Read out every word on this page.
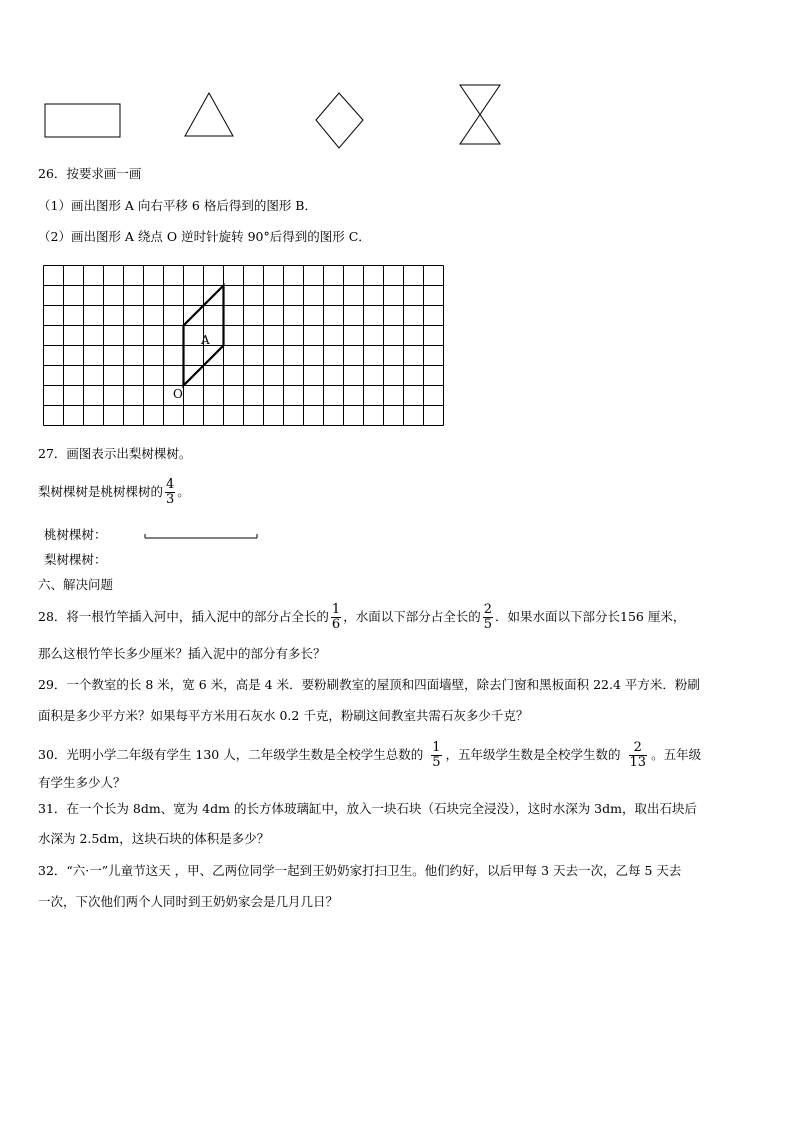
26．按要求画一画
（1）画出图形 A 向右平移 6 格后得到的图形 B．
（2）画出图形 A 绕点 O 逆时针旋转 90°后得到的图形 C．
A
O
27．画图表示出梨树棵树。
梨树棵树是桃树棵树的 $\frac{4}{3}$ 。
桃树棵树：
梨树棵树：
六、解决问题
28．将一根竹竿插入河中，插入泥中的部分占全长的 $\frac{1}{6}$ ，水面以下部分占全长的 $\frac{2}{5}$ ．如果水面以下部分长156 厘米，
那么这根竹竿长多少厘米？插入泥中的部分有多长？
29．一个教室的长 8 米，宽 6 米，高是 4 米．要粉刷教室的屋顶和四面墙壁，除去门窗和黑板面积 22.4 平方米．粉刷
面积是多少平方米？如果每平方米用石灰水 0.2 千克，粉刷这间教室共需石灰多少千克？
30．光明小学二年级有学生 130 人，二年级学生数是全校学生总数的 $\frac{1}{5}$ ，五年级学生数是全校学生数的 $\frac{2}{13}$ 。五年级
有学生多少人？
31．在一个长为 8dm、宽为 4dm 的长方体玻璃缸中，放入一块石块（石块完全浸没），这时水深为 3dm，取出石块后
水深为 2.5dm，这块石块的体积是多少？
32．“六·一”儿童节这天 ，甲、乙两位同学一起到王奶奶家打扫卫生。他们约好，以后甲每 3 天去一次，乙每 5 天去
一次，下次他们两个人同时到王奶奶家会是几月几日？
